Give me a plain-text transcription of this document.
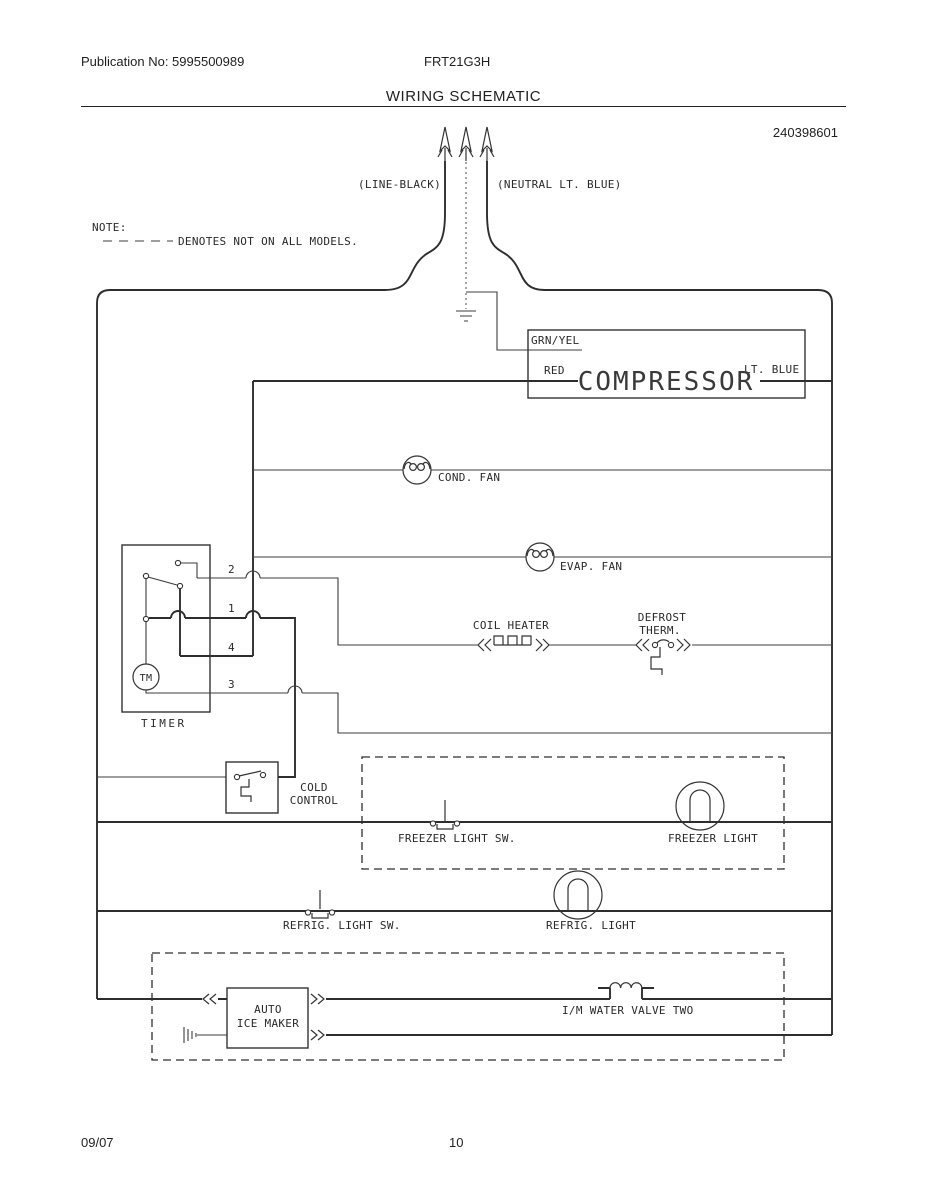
Publication No: 5995500989	FRT21G3H
WIRING SCHEMATIC
240398601
GRN/YEL
RED	LT. BLUE
COMPRESSOR
COND. FAN
EVAP. FAN
TM
2
1
4
3
TIMER
COIL HEATER
DEFROST
THERM.
COLD
CONTROL
FREEZER LIGHT SW.	FREEZER LIGHT
REFRIG. LIGHT SW.	REFRIG. LIGHT
AUTO
ICE MAKER
I/M WATER VALVE TWO
NOTE:
DENOTES NOT ON ALL MODELS.
(LINE-BLACK)	(NEUTRAL LT. BLUE)
09/07	10
